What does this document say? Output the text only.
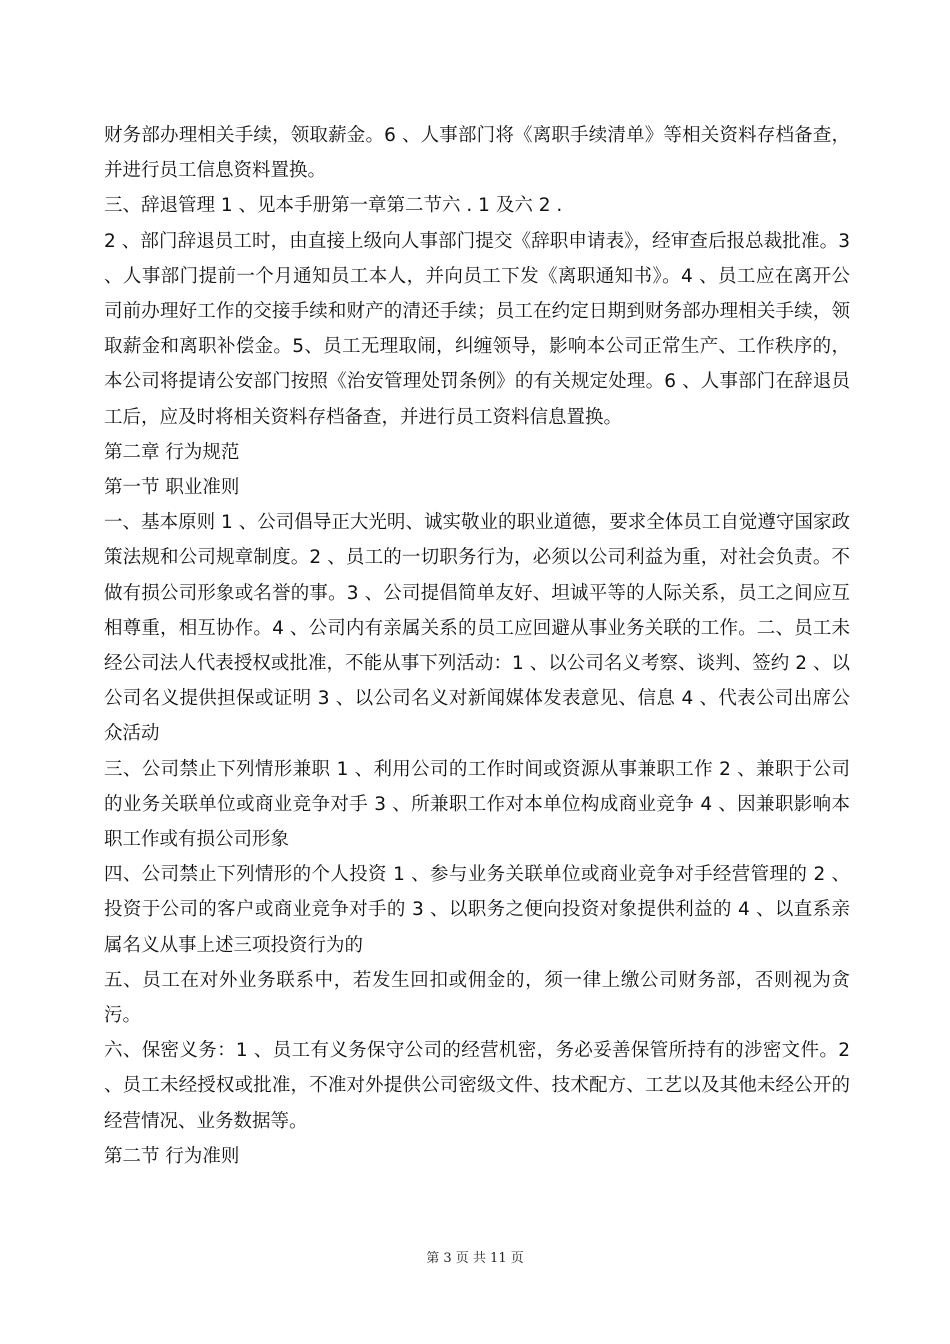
财务部办理相关手续，领取薪金。6 、人事部门将《离职手续清单》等相关资料存档备查，并进行员工信息资料置换。

三、辞退管理 1 、见本手册第一章第二节六 . 1 及六 2 .

2 、部门辞退员工时，由直接上级向人事部门提交《辞职申请表》，经审查后报总裁批准。3 、人事部门提前一个月通知员工本人，并向员工下发《离职通知书》。4 、员工应在离开公司前办理好工作的交接手续和财产的清还手续；员工在约定日期到财务部办理相关手续，领取薪金和离职补偿金。5、员工无理取闹，纠缠领导，影响本公司正常生产、工作秩序的，本公司将提请公安部门按照《治安管理处罚条例》的有关规定处理。6 、人事部门在辞退员工后，应及时将相关资料存档备查，并进行员工资料信息置换。

第二章 行为规范

第一节 职业准则

一、基本原则 1 、公司倡导正大光明、诚实敬业的职业道德，要求全体员工自觉遵守国家政策法规和公司规章制度。2 、员工的一切职务行为，必须以公司利益为重，对社会负责。不做有损公司形象或名誉的事。3 、公司提倡简单友好、坦诚平等的人际关系，员工之间应互相尊重，相互协作。4 、公司内有亲属关系的员工应回避从事业务关联的工作。二、员工未经公司法人代表授权或批准，不能从事下列活动：1 、以公司名义考察、谈判、签约 2 、以公司名义提供担保或证明 3 、以公司名义对新闻媒体发表意见、信息 4 、代表公司出席公众活动

三、公司禁止下列情形兼职 1 、利用公司的工作时间或资源从事兼职工作 2 、兼职于公司的业务关联单位或商业竞争对手 3 、所兼职工作对本单位构成商业竞争 4 、因兼职影响本职工作或有损公司形象

四、公司禁止下列情形的个人投资 1 、参与业务关联单位或商业竞争对手经营管理的 2 、投资于公司的客户或商业竞争对手的 3 、以职务之便向投资对象提供利益的 4 、以直系亲属名义从事上述三项投资行为的

五、员工在对外业务联系中，若发生回扣或佣金的，须一律上缴公司财务部，否则视为贪污。

六、保密义务：1 、员工有义务保守公司的经营机密，务必妥善保管所持有的涉密文件。2 、员工未经授权或批准，不准对外提供公司密级文件、技术配方、工艺以及其他未经公开的经营情况、业务数据等。

第二节 行为准则

第 3 页 共 11 页
